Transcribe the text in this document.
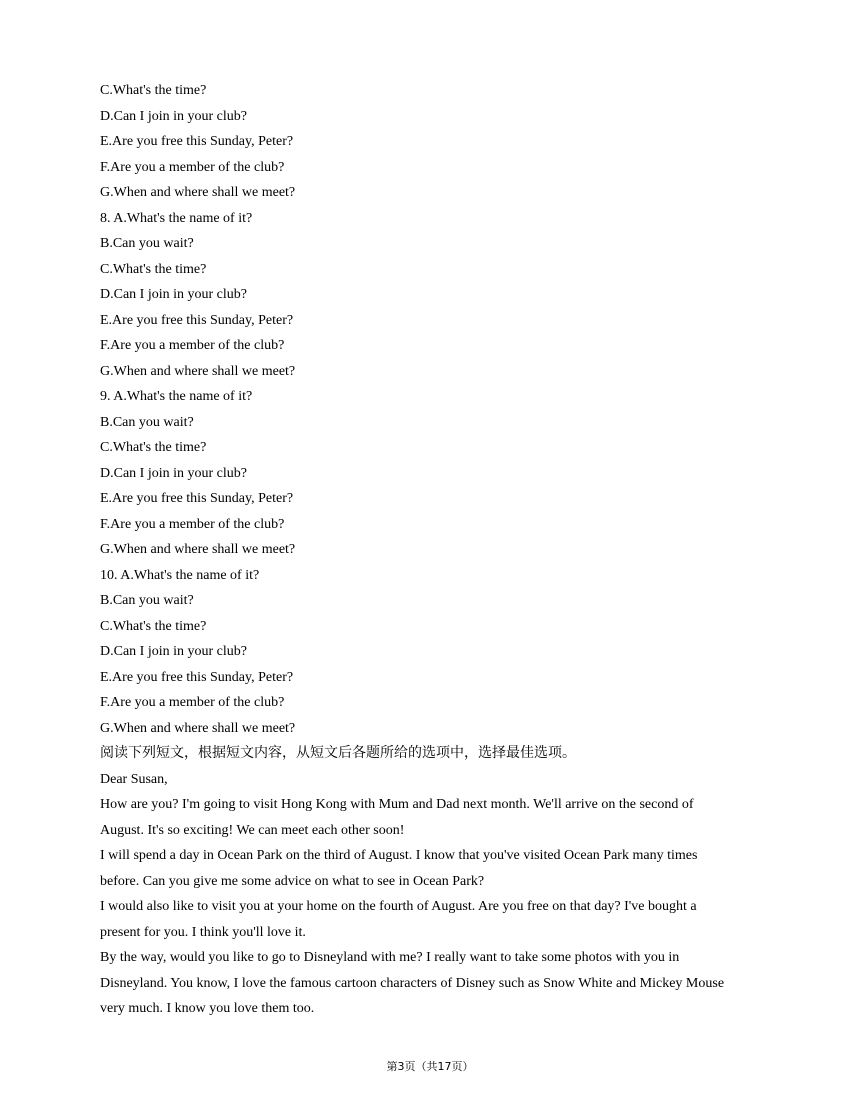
C.What's the time?
D.Can I join in your club?
E.Are you free this Sunday, Peter?
F.Are you a member of the club?
G.When and where shall we meet?
8. A.What's the name of it?
B.Can you wait?
C.What's the time?
D.Can I join in your club?
E.Are you free this Sunday, Peter?
F.Are you a member of the club?
G.When and where shall we meet?
9. A.What's the name of it?
B.Can you wait?
C.What's the time?
D.Can I join in your club?
E.Are you free this Sunday, Peter?
F.Are you a member of the club?
G.When and where shall we meet?
10. A.What's the name of it?
B.Can you wait?
C.What's the time?
D.Can I join in your club?
E.Are you free this Sunday, Peter?
F.Are you a member of the club?
G.When and where shall we meet?
阅读下列短文，根据短文内容，从短文后各题所给的选项中，选择最佳选项。
Dear Susan,
How are you? I'm going to visit Hong Kong with Mum and Dad next month. We'll arrive on the second of August. It's so exciting! We can meet each other soon!
I will spend a day in Ocean Park on the third of August. I know that you've visited Ocean Park many times before. Can you give me some advice on what to see in Ocean Park?
I would also like to visit you at your home on the fourth of August. Are you free on that day? I've bought a present for you. I think you'll love it.
By the way, would you like to go to Disneyland with me? I really want to take some photos with you in Disneyland. You know, I love the famous cartoon characters of Disney such as Snow White and Mickey Mouse very much. I know you love them too.
第3页（共17页）
